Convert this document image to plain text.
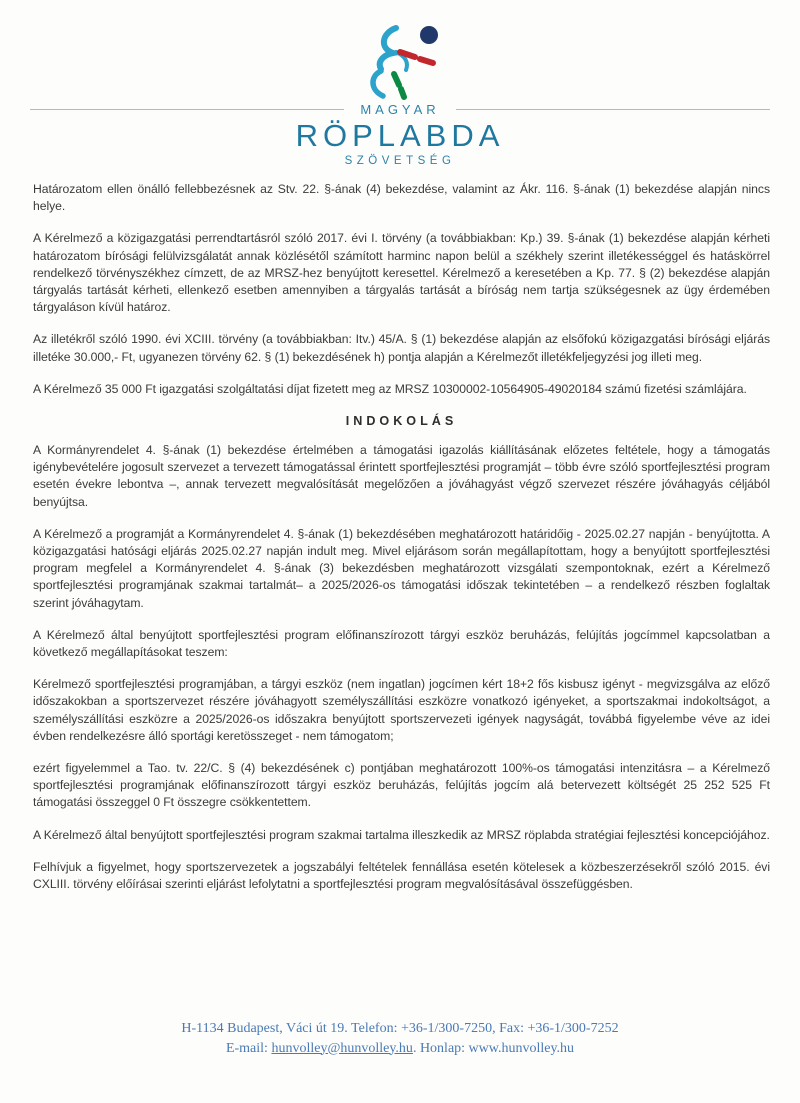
MAGYAR
RÖPLABDA
SZÖVETSÉG

Határozatom ellen önálló fellebbezésnek az Stv. 22. §-ának (4) bekezdése, valamint az Ákr. 116. §-ának (1) bekezdése alapján nincs helye.

A Kérelmező a közigazgatási perrendtartásról szóló 2017. évi I. törvény (a továbbiakban: Kp.) 39. §-ának (1) bekezdése alapján kérheti határozatom bírósági felülvizsgálatát annak közlésétől számított harminc napon belül a székhely szerint illetékességgel és hatáskörrel rendelkező törvényszékhez címzett, de az MRSZ-hez benyújtott keresettel. Kérelmező a keresetében a Kp. 77. § (2) bekezdése alapján tárgyalás tartását kérheti, ellenkező esetben amennyiben a tárgyalás tartását a bíróság nem tartja szükségesnek az ügy érdemében tárgyaláson kívül határoz.

Az illetékről szóló 1990. évi XCIII. törvény (a továbbiakban: Itv.) 45/A. § (1) bekezdése alapján az elsőfokú közigazgatási bírósági eljárás illetéke 30.000,- Ft, ugyanezen törvény 62. § (1) bekezdésének h) pontja alapján a Kérelmezőt illetékfeljegyzési jog illeti meg.

A Kérelmező 35 000 Ft igazgatási szolgáltatási díjat fizetett meg az MRSZ 10300002-10564905-49020184 számú fizetési számlájára.

INDOKOLÁS

A Kormányrendelet 4. §-ának (1) bekezdése értelmében a támogatási igazolás kiállításának előzetes feltétele, hogy a támogatás igénybevételére jogosult szervezet a tervezett támogatással érintett sportfejlesztési programját – több évre szóló sportfejlesztési program esetén évekre lebontva –, annak tervezett megvalósítását megelőzően a jóváhagyást végző szervezet részére jóváhagyás céljából benyújtsa.

A Kérelmező a programját a Kormányrendelet 4. §-ának (1) bekezdésében meghatározott határidőig - 2025.02.27 napján - benyújtotta. A közigazgatási hatósági eljárás 2025.02.27 napján indult meg. Mivel eljárásom során megállapítottam, hogy a benyújtott sportfejlesztési program megfelel a Kormányrendelet 4. §-ának (3) bekezdésben meghatározott vizsgálati szempontoknak, ezért a Kérelmező sportfejlesztési programjának szakmai tartalmát– a 2025/2026-os támogatási időszak tekintetében – a rendelkező részben foglaltak szerint jóváhagytam.

A Kérelmező által benyújtott sportfejlesztési program előfinanszírozott tárgyi eszköz beruházás, felújítás jogcímmel kapcsolatban a következő megállapításokat teszem:

Kérelmező sportfejlesztési programjában, a tárgyi eszköz (nem ingatlan) jogcímen kért 18+2 fős kisbusz igényt - megvizsgálva az előző időszakokban a sportszervezet részére jóváhagyott személyszállítási eszközre vonatkozó igényeket, a sportszakmai indokoltságot, a személyszállítási eszközre a 2025/2026-os időszakra benyújtott sportszervezeti igények nagyságát, továbbá figyelembe véve az idei évben rendelkezésre álló sportági keretösszeget - nem támogatom;

ezért figyelemmel a Tao. tv. 22/C. § (4) bekezdésének c) pontjában meghatározott 100%-os támogatási intenzitásra – a Kérelmező sportfejlesztési programjának előfinanszírozott tárgyi eszköz beruházás, felújítás jogcím alá betervezett költségét 25 252 525 Ft támogatási összeggel 0 Ft összegre csökkentettem.

A Kérelmező által benyújtott sportfejlesztési program szakmai tartalma illeszkedik az MRSZ röplabda stratégiai fejlesztési koncepciójához.

Felhívjuk a figyelmet, hogy sportszervezetek a jogszabályi feltételek fennállása esetén kötelesek a közbeszerzésekről szóló 2015. évi CXLIII. törvény előírásai szerinti eljárást lefolytatni a sportfejlesztési program megvalósításával összefüggésben.

H-1134 Budapest, Váci út 19. Telefon: +36-1/300-7250, Fax: +36-1/300-7252
E-mail: hunvolley@hunvolley.hu. Honlap: www.hunvolley.hu
